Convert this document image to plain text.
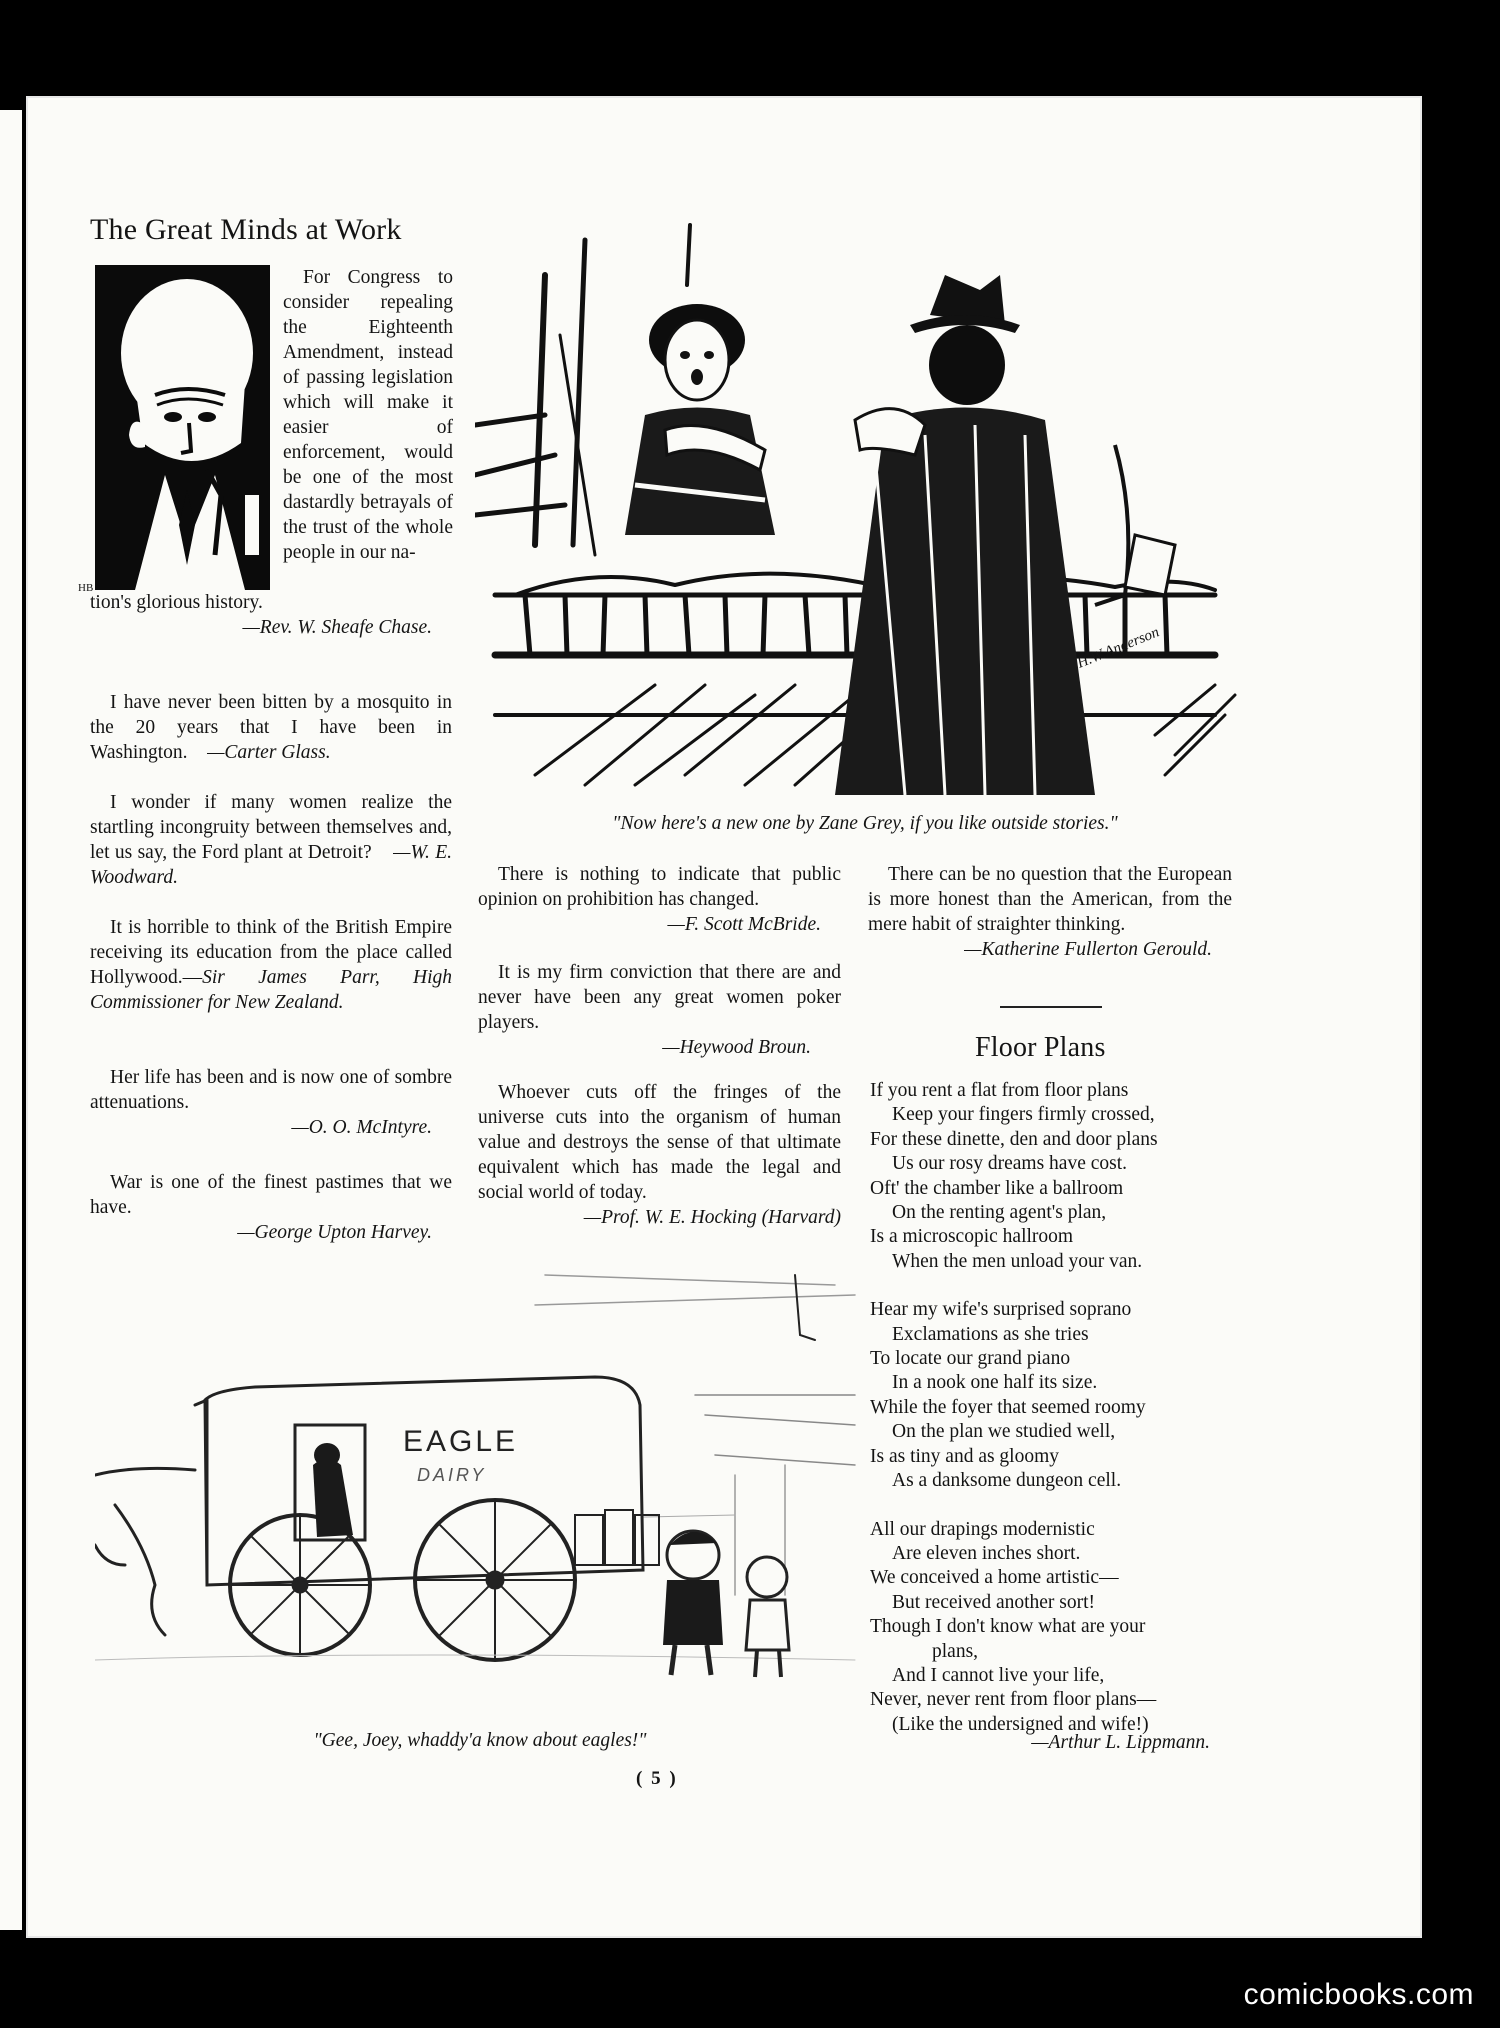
The Great Minds at Work
HB

For Congress to consider repealing the Eighteenth Amendment, instead of passing legislation which will make it easier of enforcement, would be one of the most dastardly betrayals of the trust of the whole people in our na-

tion's glorious history.

—Rev. W. Sheafe Chase.

I have never been bitten by a mosquito in the 20 years that I have been in Washington. —Carter Glass.

I wonder if many women realize the startling incongruity between themselves and, let us say, the Ford plant at Detroit? —W. E. Woodward.

It is horrible to think of the British Empire receiving its education from the place called Hollywood.—Sir James Parr, High Commissioner for New Zealand.

Her life has been and is now one of sombre attenuations.

—O. O. McIntyre.

War is one of the finest pastimes that we have.

—George Upton Harvey.

H.W.Anderson
"Now here's a new one by Zane Grey, if you like outside stories."

There is nothing to indicate that public opinion on prohibition has changed.

—F. Scott McBride.

It is my firm conviction that there are and never have been any great women poker players.

—Heywood Broun.

Whoever cuts off the fringes of the universe cuts into the organism of human value and destroys the sense of that ultimate equivalent which has made the legal and social world of today.

—Prof. W. E. Hocking (Harvard)

There can be no question that the European is more honest than the American, from the mere habit of straighter thinking.

—Katherine Fullerton Gerould.

Floor Plans
If you rent a flat from floor plans
Keep your fingers firmly crossed,
For these dinette, den and door plans
Us our rosy dreams have cost.
Oft' the chamber like a ballroom
On the renting agent's plan,
Is a microscopic hallroom
When the men unload your van.
Hear my wife's surprised soprano
Exclamations as she tries
To locate our grand piano
In a nook one half its size.
While the foyer that seemed roomy
On the plan we studied well,
Is as tiny and as gloomy
As a danksome dungeon cell.
All our drapings modernistic
Are eleven inches short.
We conceived a home artistic—
But received another sort!
Though I don't know what are your
plans,
And I cannot live your life,
Never, never rent from floor plans—
(Like the undersigned and wife!)
—Arthur L. Lippmann.
EAGLE
DAIRY
"Gee, Joey, whaddy'a know about eagles!"
( 5 )
comicbooks.com
